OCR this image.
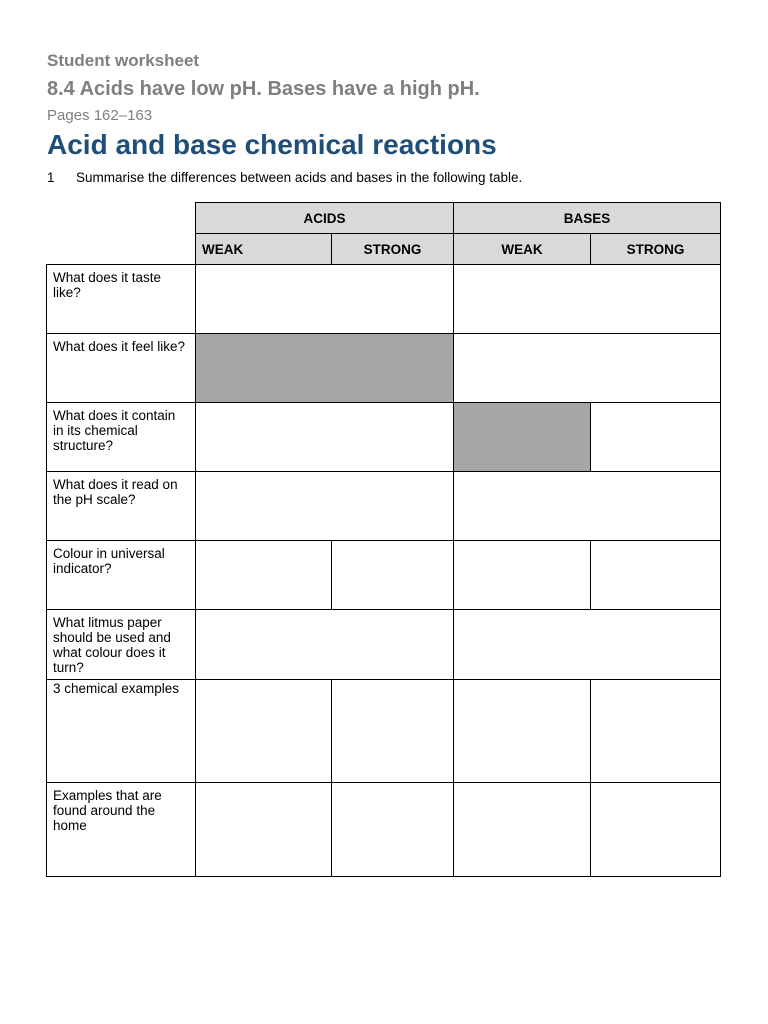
Student worksheet
8.4 Acids have low pH. Bases have a high pH.
Pages 162–163
Acid and base chemical reactions
1 Summarise the differences between acids and bases in the following table.
	ACIDS		BASES	
	WEAK	STRONG	WEAK	STRONG
What does it taste like?				
What does it feel like?				
What does it contain in its chemical structure?				
What does it read on the pH scale?				
Colour in universal indicator?				
What litmus paper should be used and what colour does it turn?				
3 chemical examples				
Examples that are found around the home				
